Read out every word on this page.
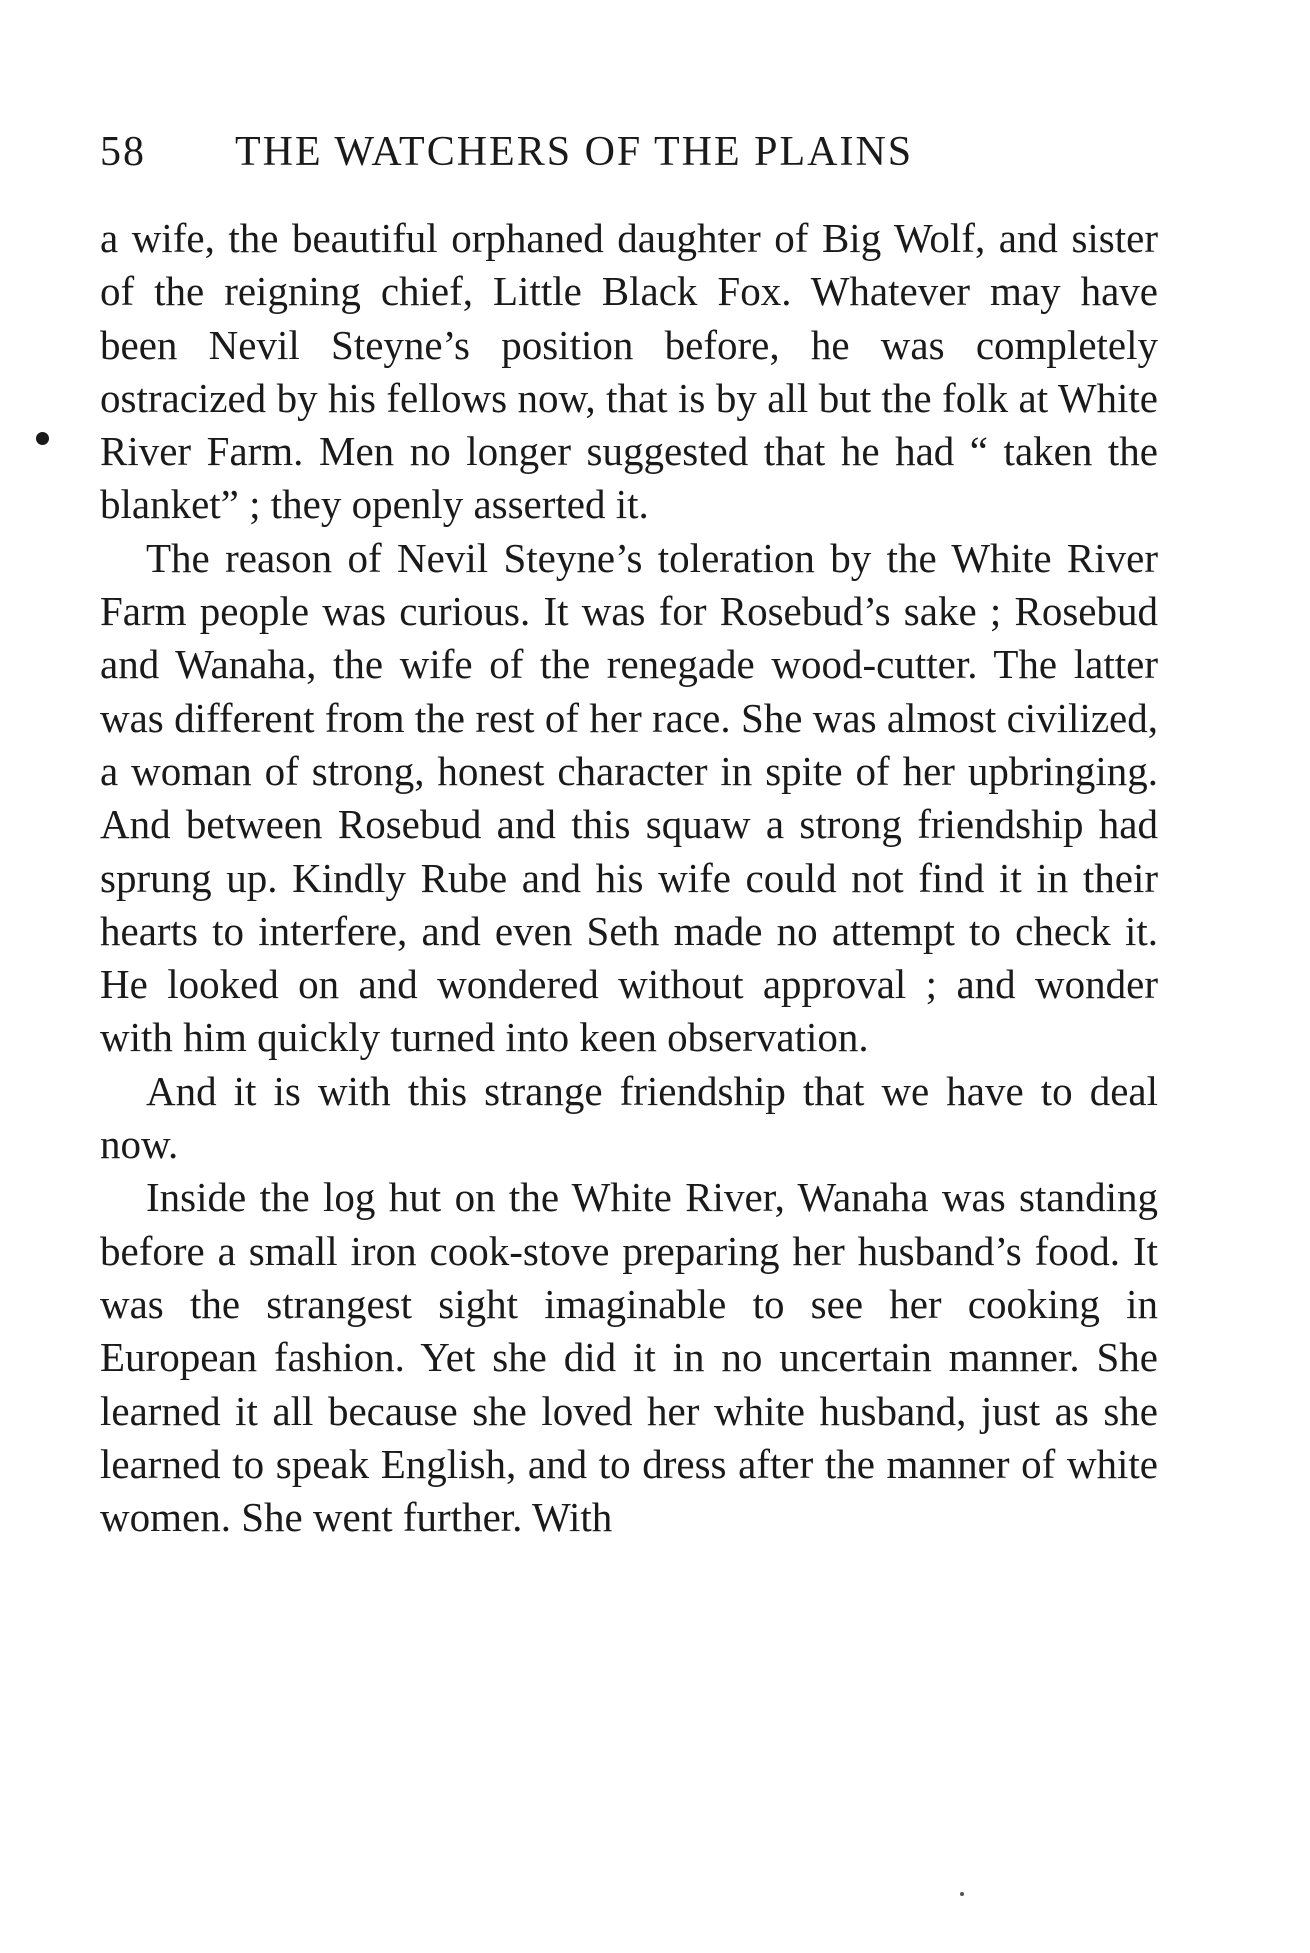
58 THE WATCHERS OF THE PLAINS

a wife, the beautiful orphaned daughter of Big Wolf, and sister of the reigning chief, Little Black Fox. Whatever may have been Nevil Steyne’s position before, he was completely ostracized by his fellows now, that is by all but the folk at White River Farm. Men no longer suggested that he had “ taken the blanket” ; they openly asserted it.

The reason of Nevil Steyne’s toleration by the White River Farm people was curious. It was for Rosebud’s sake ; Rosebud and Wanaha, the wife of the renegade wood-cutter. The latter was different from the rest of her race. She was almost civilized, a woman of strong, honest character in spite of her upbringing. And between Rosebud and this squaw a strong friendship had sprung up. Kindly Rube and his wife could not find it in their hearts to interfere, and even Seth made no attempt to check it. He looked on and wondered without approval ; and wonder with him quickly turned into keen observation.

And it is with this strange friendship that we have to deal now.

Inside the log hut on the White River, Wanaha was standing before a small iron cook-stove preparing her husband’s food. It was the strangest sight imaginable to see her cooking in European fashion. Yet she did it in no uncertain manner. She learned it all because she loved her white husband, just as she learned to speak English, and to dress after the manner of white women. She went further. With
